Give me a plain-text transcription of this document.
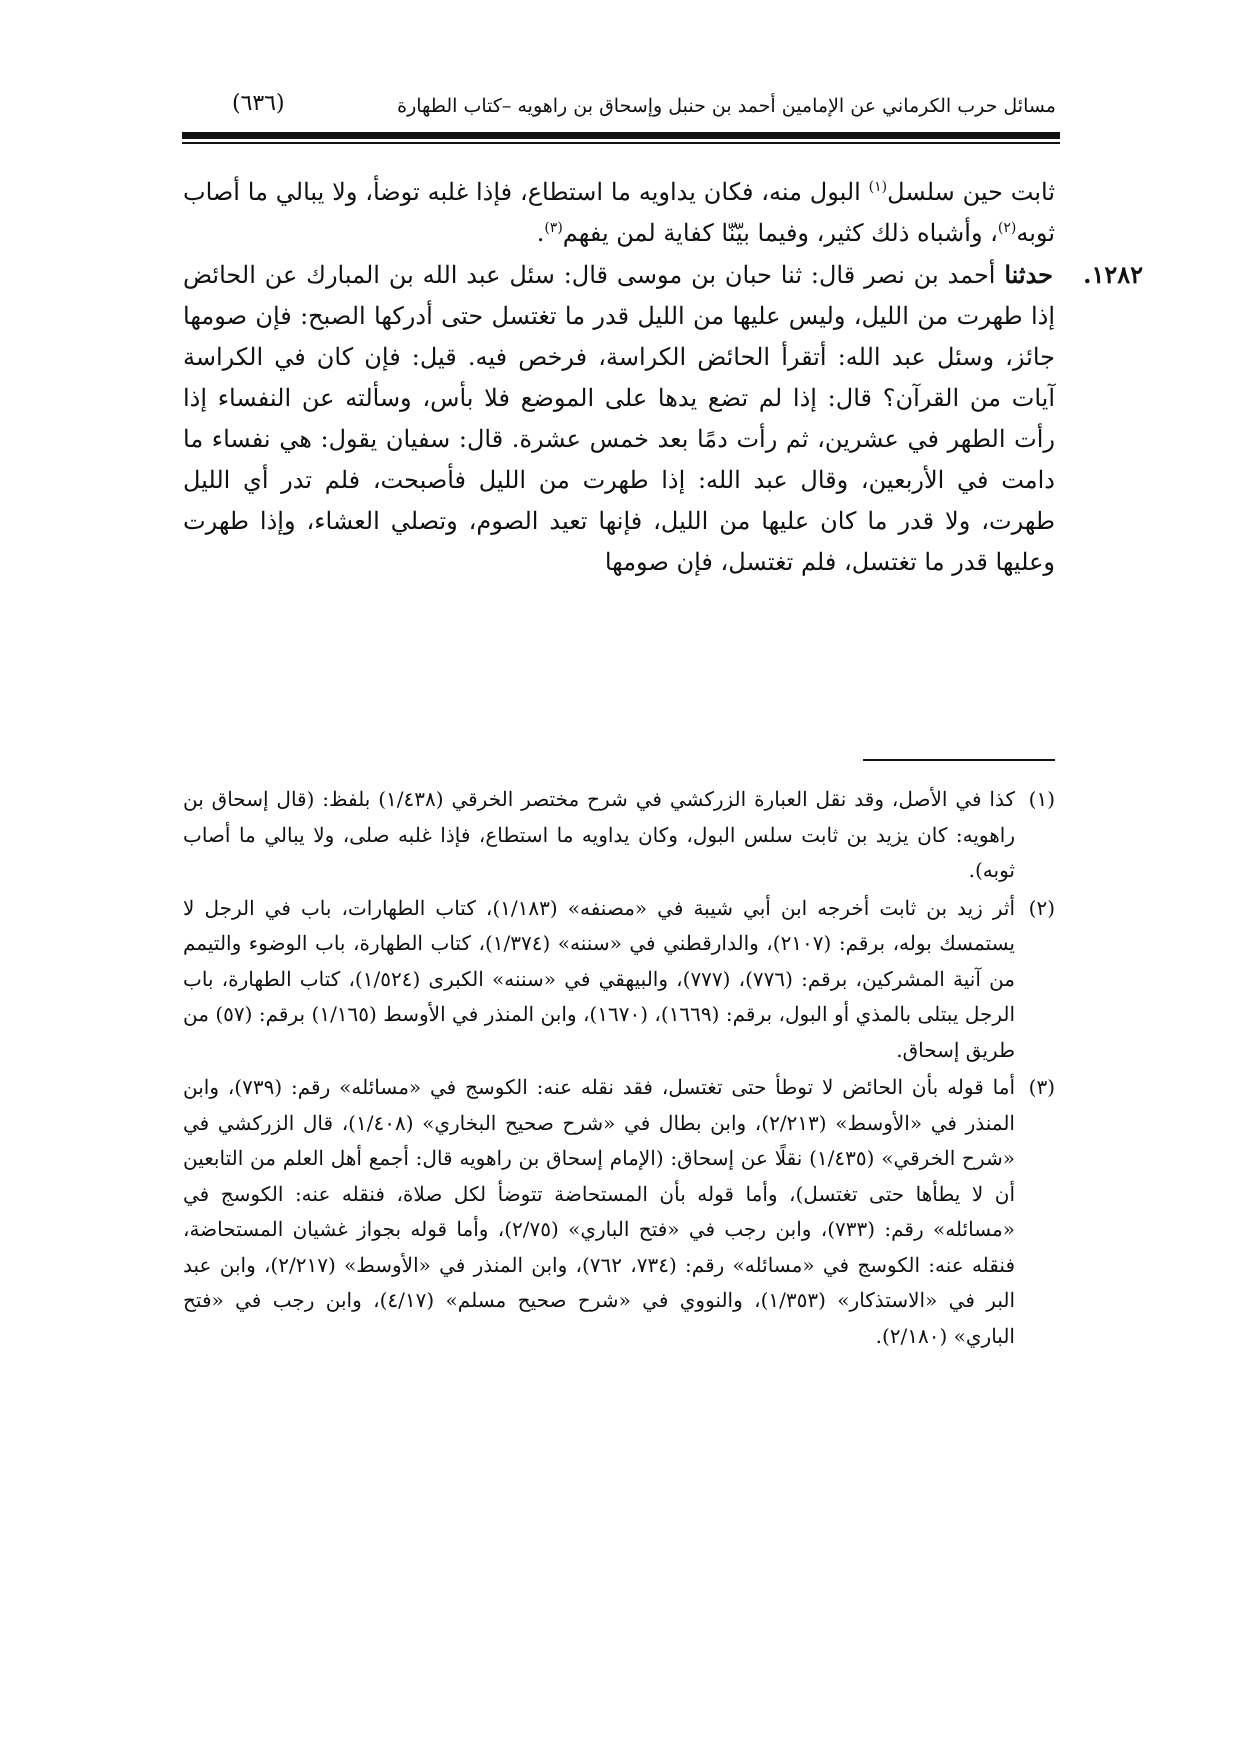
مسائل حرب الكرماني عن الإمامين أحمد بن حنبل وإسحاق بن راهويه –كتاب الطهارة
(٦٣٦)

ثابت حين سلسل$^{(١)}$ البول منه، فكان يداويه ما استطاع، فإذا غلبه توضأ، ولا يبالي ما أصاب ثوبه$^{(٢)}$، وأشباه ذلك كثير، وفيما بيّنّا كفاية لمن يفهم$^{(٣)}$.

١٢٨٢.حدثنا أحمد بن نصر قال: ثنا حبان بن موسى قال: سئل عبد الله بن المبارك عن الحائض إذا طهرت من الليل، وليس عليها من الليل قدر ما تغتسل حتى أدركها الصبح: فإن صومها جائز، وسئل عبد الله: أتقرأ الحائض الكراسة، فرخص فيه. قيل: فإن كان في الكراسة آيات من القرآن؟ قال: إذا لم تضع يدها على الموضع فلا بأس، وسألته عن النفساء إذا رأت الطهر في عشرين، ثم رأت دمًا بعد خمس عشرة. قال: سفيان يقول: هي نفساء ما دامت في الأربعين، وقال عبد الله: إذا طهرت من الليل فأصبحت، فلم تدر أي الليل طهرت، ولا قدر ما كان عليها من الليل، فإنها تعيد الصوم، وتصلي العشاء، وإذا طهرت وعليها قدر ما تغتسل، فلم تغتسل، فإن صومها

(١)
كذا في الأصل، وقد نقل العبارة الزركشي في شرح مختصر الخرقي (١/٤٣٨) بلفظ: (قال إسحاق بن راهويه: كان يزيد بن ثابت سلس البول، وكان يداويه ما استطاع، فإذا غلبه صلى، ولا يبالي ما أصاب ثوبه).

(٢)
أثر زيد بن ثابت أخرجه ابن أبي شيبة في «مصنفه» (١/١٨٣)، كتاب الطهارات، باب في الرجل لا يستمسك بوله، برقم: (٢١٠٧)، والدارقطني في «سننه» (١/٣٧٤)، كتاب الطهارة، باب الوضوء والتيمم من آنية المشركين، برقم: (٧٧٦)، (٧٧٧)، والبيهقي في «سننه» الكبرى (١/٥٢٤)، كتاب الطهارة، باب الرجل يبتلى بالمذي أو البول، برقم: (١٦٦٩)، (١٦٧٠)، وابن المنذر في الأوسط (١/١٦٥) برقم: (٥٧) من طريق إسحاق.

(٣)
أما قوله بأن الحائض لا توطأ حتى تغتسل، فقد نقله عنه: الكوسج في «مسائله» رقم: (٧٣٩)، وابن المنذر في «الأوسط» (٢/٢١٣)، وابن بطال في «شرح صحيح البخاري» (١/٤٠٨)، قال الزركشي في «شرح الخرقي» (١/٤٣٥) نقلًا عن إسحاق: (الإمام إسحاق بن راهويه قال: أجمع أهل العلم من التابعين أن لا يطأها حتى تغتسل)، وأما قوله بأن المستحاضة تتوضأ لكل صلاة، فنقله عنه: الكوسج في «مسائله» رقم: (٧٣٣)، وابن رجب في «فتح الباري» (٢/٧٥)، وأما قوله بجواز غشيان المستحاضة، فنقله عنه: الكوسج في «مسائله» رقم: (٧٣٤، ٧٦٢)، وابن المنذر في «الأوسط» (٢/٢١٧)، وابن عبد البر في «الاستذكار» (١/٣٥٣)، والنووي في «شرح صحيح مسلم» (٤/١٧)، وابن رجب في «فتح الباري» (٢/١٨٠).
